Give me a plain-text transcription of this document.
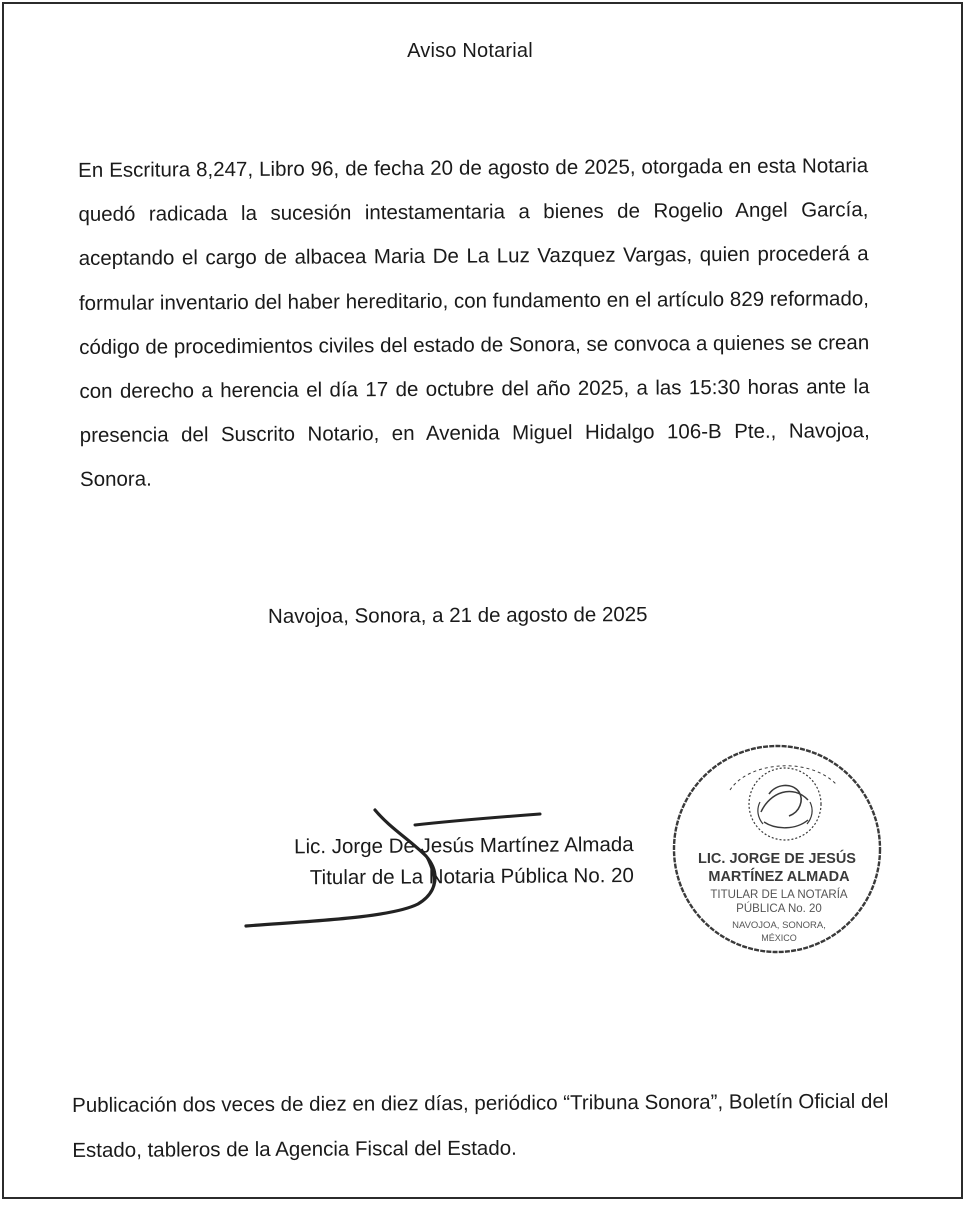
Aviso Notarial
En Escritura 8,247, Libro 96, de fecha 20 de agosto de 2025, otorgada en esta Notaria quedó radicada la sucesión intestamentaria a bienes de Rogelio Angel García, aceptando el cargo de albacea Maria De La Luz Vazquez Vargas, quien procederá a formular inventario del haber hereditario, con fundamento en el artículo 829 reformado, código de procedimientos civiles del estado de Sonora, se convoca a quienes se crean con derecho a herencia el día 17 de octubre del año 2025, a las 15:30 horas ante la presencia del Suscrito Notario, en Avenida Miguel Hidalgo 106-B Pte., Navojoa, Sonora.
Navojoa, Sonora, a 21 de agosto de 2025
Lic. Jorge De Jesús Martínez Almada
Titular de La Notaria Pública No. 20
LIC. JORGE DE JESÚS
MARTÍNEZ ALMADA
TITULAR DE LA NOTARÍA
PÚBLICA No. 20
NAVOJOA, SONORA,
MÉXICO
Publicación dos veces de diez en diez días, periódico “Tribuna Sonora”, Boletín Oficial del Estado, tableros de la Agencia Fiscal del Estado.
